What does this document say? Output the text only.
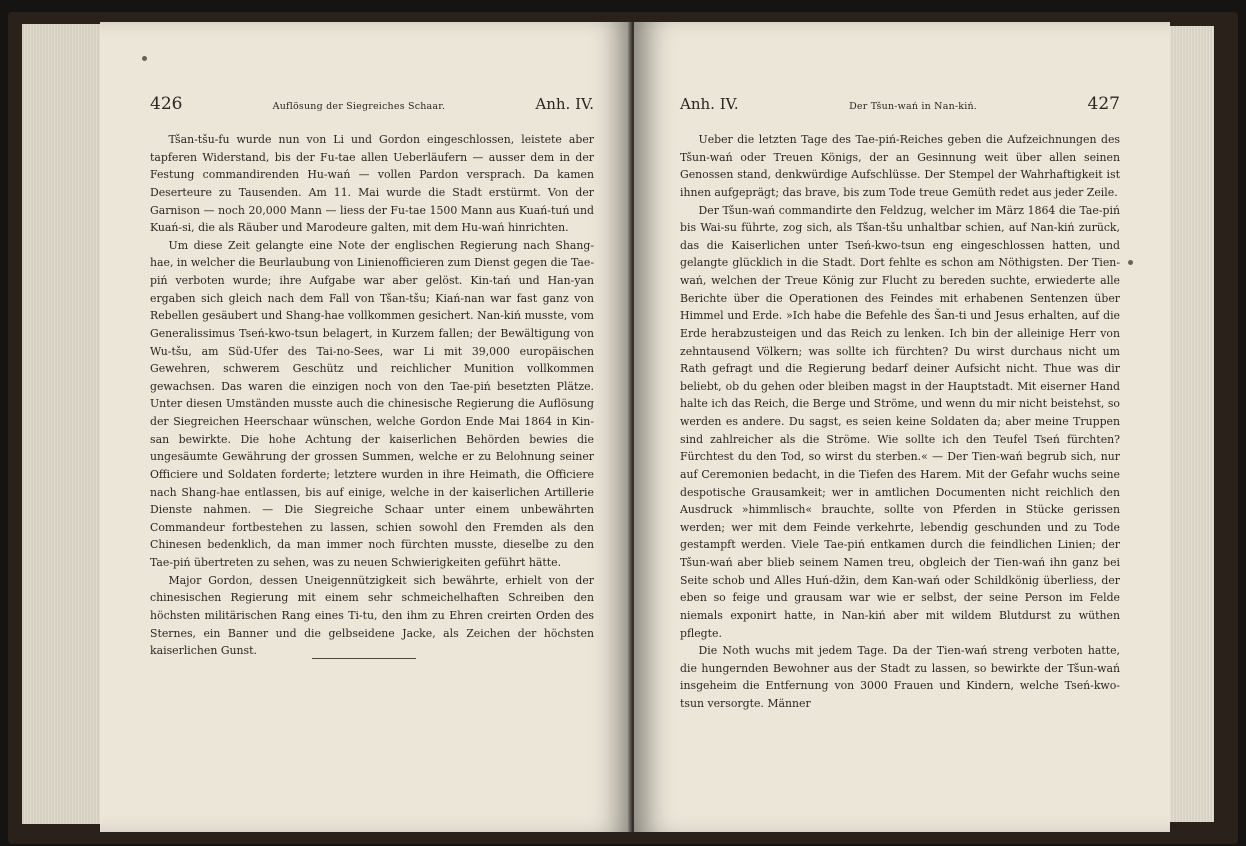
426	Auflösung der Siegreiches Schaar.	Anh. IV.

Tšan-tšu-fu wurde nun von Li und Gordon eingeschlossen, leistete aber tapferen Widerstand, bis der Fu-tae allen Ueberläufern — ausser dem in der Festung commandirenden Hu-wań — vollen Pardon versprach. Da kamen Deserteure zu Tausenden. Am 11. Mai wurde die Stadt erstürmt. Von der Garnison — noch 20,000 Mann — liess der Fu-tae 1500 Mann aus Kuań-tuń und Kuań-si, die als Räuber und Marodeure galten, mit dem Hu-wań hinrichten.

Um diese Zeit gelangte eine Note der englischen Regierung nach Shang-hae, in welcher die Beurlaubung von Linienofficieren zum Dienst gegen die Tae-piń verboten wurde; ihre Aufgabe war aber gelöst. Kin-tań und Han-yan ergaben sich gleich nach dem Fall von Tšan-tšu; Kiań-nan war fast ganz von Rebellen gesäubert und Shang-hae vollkommen gesichert. Nan-kiń musste, vom Generalissimus Tseń-kwo-tsun belagert, in Kurzem fallen; der Bewältigung von Wu-tšu, am Süd-Ufer des Tai-no-Sees, war Li mit 39,000 europäischen Gewehren, schwerem Geschütz und reichlicher Munition vollkommen gewachsen. Das waren die einzigen noch von den Tae-piń besetzten Plätze. Unter diesen Umständen musste auch die chinesische Regierung die Auflösung der Siegreichen Heerschaar wünschen, welche Gordon Ende Mai 1864 in Kin-san bewirkte. Die hohe Achtung der kaiserlichen Behörden bewies die ungesäumte Gewährung der grossen Summen, welche er zu Belohnung seiner Officiere und Soldaten forderte; letztere wurden in ihre Heimath, die Officiere nach Shang-hae entlassen, bis auf einige, welche in der kaiserlichen Artillerie Dienste nahmen. — Die Siegreiche Schaar unter einem unbewährten Commandeur fortbestehen zu lassen, schien sowohl den Fremden als den Chinesen bedenklich, da man immer noch fürchten musste, dieselbe zu den Tae-piń übertreten zu sehen, was zu neuen Schwierigkeiten geführt hätte.

Major Gordon, dessen Uneigennützigkeit sich bewährte, erhielt von der chinesischen Regierung mit einem sehr schmeichelhaften Schreiben den höchsten militärischen Rang eines Ti-tu, den ihm zu Ehren creirten Orden des Sternes, ein Banner und die gelbseidene Jacke, als Zeichen der höchsten kaiserlichen Gunst.

Anh. IV.	Der Tšun-wań in Nan-kiń.	427

Ueber die letzten Tage des Tae-piń-Reiches geben die Aufzeichnungen des Tšun-wań oder Treuen Königs, der an Gesinnung weit über allen seinen Genossen stand, denkwürdige Aufschlüsse. Der Stempel der Wahrhaftigkeit ist ihnen aufgeprägt; das brave, bis zum Tode treue Gemüth redet aus jeder Zeile.

Der Tšun-wań commandirte den Feldzug, welcher im März 1864 die Tae-piń bis Wai-su führte, zog sich, als Tšan-tšu unhaltbar schien, auf Nan-kiń zurück, das die Kaiserlichen unter Tseń-kwo-tsun eng eingeschlossen hatten, und gelangte glücklich in die Stadt. Dort fehlte es schon am Nöthigsten. Der Tien-wań, welchen der Treue König zur Flucht zu bereden suchte, erwiederte alle Berichte über die Operationen des Feindes mit erhabenen Sentenzen über Himmel und Erde. »Ich habe die Befehle des Šan-ti und Jesus erhalten, auf die Erde herabzusteigen und das Reich zu lenken. Ich bin der alleinige Herr von zehntausend Völkern; was sollte ich fürchten? Du wirst durchaus nicht um Rath gefragt und die Regierung bedarf deiner Aufsicht nicht. Thue was dir beliebt, ob du gehen oder bleiben magst in der Hauptstadt. Mit eiserner Hand halte ich das Reich, die Berge und Ströme, und wenn du mir nicht beistehst, so werden es andere. Du sagst, es seien keine Soldaten da; aber meine Truppen sind zahlreicher als die Ströme. Wie sollte ich den Teufel Tseń fürchten? Fürchtest du den Tod, so wirst du sterben.« — Der Tien-wań begrub sich, nur auf Ceremonien bedacht, in die Tiefen des Harem. Mit der Gefahr wuchs seine despotische Grausamkeit; wer in amtlichen Documenten nicht reichlich den Ausdruck »himmlisch« brauchte, sollte von Pferden in Stücke gerissen werden; wer mit dem Feinde verkehrte, lebendig geschunden und zu Tode gestampft werden. Viele Tae-piń entkamen durch die feindlichen Linien; der Tšun-wań aber blieb seinem Namen treu, obgleich der Tien-wań ihn ganz bei Seite schob und Alles Huń-džin, dem Kan-wań oder Schildkönig überliess, der eben so feige und grausam war wie er selbst, der seine Person im Felde niemals exponirt hatte, in Nan-kiń aber mit wildem Blutdurst zu wüthen pflegte.

Die Noth wuchs mit jedem Tage. Da der Tien-wań streng verboten hatte, die hungernden Bewohner aus der Stadt zu lassen, so bewirkte der Tšun-wań insgeheim die Entfernung von 3000 Frauen und Kindern, welche Tseń-kwo-tsun versorgte. Männer
